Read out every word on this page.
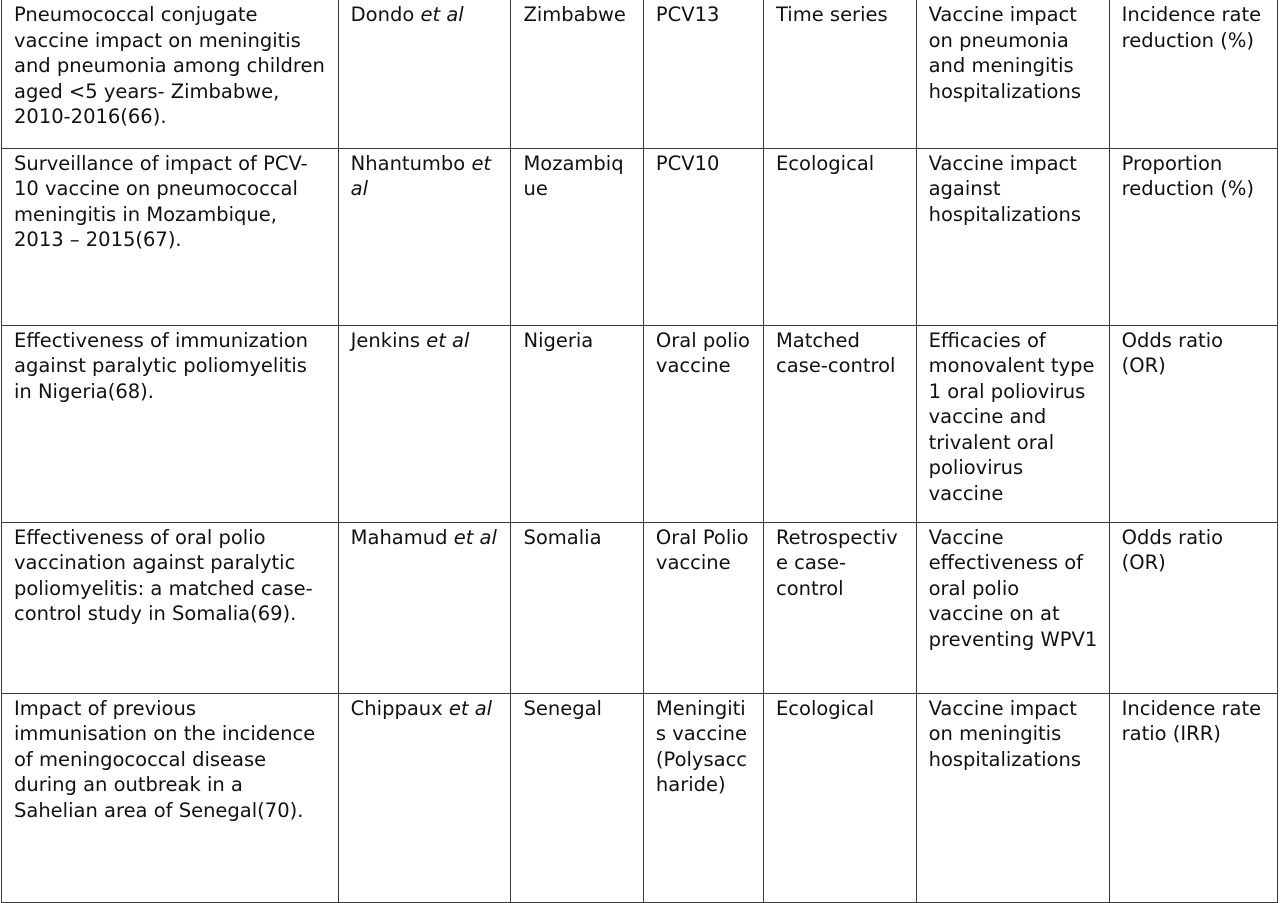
Pneumococcal conjugate vaccine impact on meningitis and pneumonia among children aged <5 years- Zimbabwe, 2010-2016(66).	Dondo et al	Zimbabwe	PCV13	Time series	Vaccine impact on pneumonia and meningitis hospitalizations	Incidence rate reduction (%)
Surveillance of impact of PCV-10 vaccine on pneumococcal meningitis in Mozambique, 2013 – 2015(67).	Nhantumbo et al	Mozambique	PCV10	Ecological	Vaccine impact against hospitalizations	Proportion reduction (%)
Effectiveness of immunization against paralytic poliomyelitis in Nigeria(68).	Jenkins et al	Nigeria	Oral polio vaccine	Matched case-control	Efficacies of monovalent type 1 oral poliovirus vaccine and trivalent oral poliovirus vaccine	Odds ratio (OR)
Effectiveness of oral polio vaccination against paralytic poliomyelitis: a matched case-control study in Somalia(69).	Mahamud et al	Somalia	Oral Polio vaccine	Retrospective case-control	Vaccine effectiveness of oral polio vaccine on at preventing WPV1	Odds ratio (OR)
Impact of previous immunisation on the incidence of meningococcal disease during an outbreak in a Sahelian area of Senegal(70).	Chippaux et al	Senegal	Meningitis vaccine (Polysaccharide)	Ecological	Vaccine impact on meningitis hospitalizations	Incidence rate ratio (IRR)
